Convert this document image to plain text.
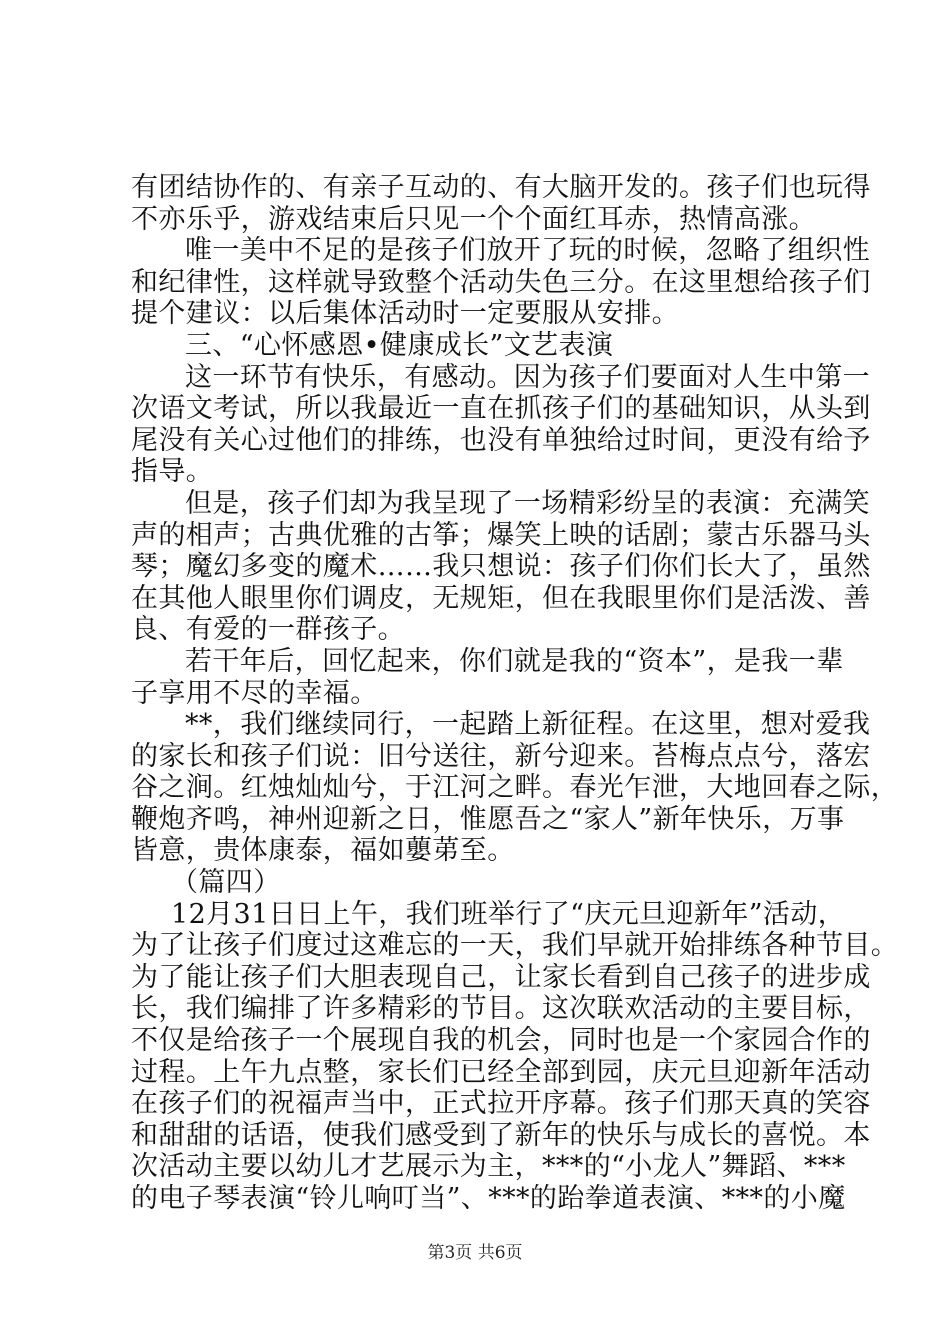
有团结协作的、有亲子互动的、有大脑开发的。孩子们也玩得
不亦乐乎，游戏结束后只见一个个面红耳赤，热情高涨。
唯一美中不足的是孩子们放开了玩的时候，忽略了组织性
和纪律性，这样就导致整个活动失色三分。在这里想给孩子们
提个建议：以后集体活动时一定要服从安排。
三、“心怀感恩•健康成长”文艺表演
这一环节有快乐，有感动。因为孩子们要面对人生中第一
次语文考试，所以我最近一直在抓孩子们的基础知识，从头到
尾没有关心过他们的排练，也没有单独给过时间，更没有给予
指导。
但是，孩子们却为我呈现了一场精彩纷呈的表演：充满笑
声的相声；古典优雅的古筝；爆笑上映的话剧；蒙古乐器马头
琴；魔幻多变的魔术……我只想说：孩子们你们长大了，虽然
在其他人眼里你们调皮，无规矩，但在我眼里你们是活泼、善
良、有爱的一群孩子。
若干年后，回忆起来，你们就是我的“资本”，是我一辈
子享用不尽的幸福。
**，我们继续同行，一起踏上新征程。在这里，想对爱我
的家长和孩子们说：旧兮送往，新兮迎来。苔梅点点兮，落宏
谷之涧。红烛灿灿兮，于江河之畔。春光乍泄，大地回春之际，
鞭炮齐鸣，神州迎新之日，惟愿吾之“家人”新年快乐，万事
皆意，贵体康泰，福如蘡苐至。
（篇四）
12月31日日上午，我们班举行了“庆元旦迎新年”活动，
为了让孩子们度过这难忘的一天，我们早就开始排练各种节目。
为了能让孩子们大胆表现自己，让家长看到自己孩子的进步成
长，我们编排了许多精彩的节目。这次联欢活动的主要目标，
不仅是给孩子一个展现自我的机会，同时也是一个家园合作的
过程。上午九点整，家长们已经全部到园，庆元旦迎新年活动
在孩子们的祝福声当中，正式拉开序幕。孩子们那天真的笑容
和甜甜的话语，使我们感受到了新年的快乐与成长的喜悦。本
次活动主要以幼儿才艺展示为主，***的“小龙人”舞蹈、***
的电子琴表演“铃儿响叮当”、***的跆拳道表演、***的小魔
第3页 共6页
